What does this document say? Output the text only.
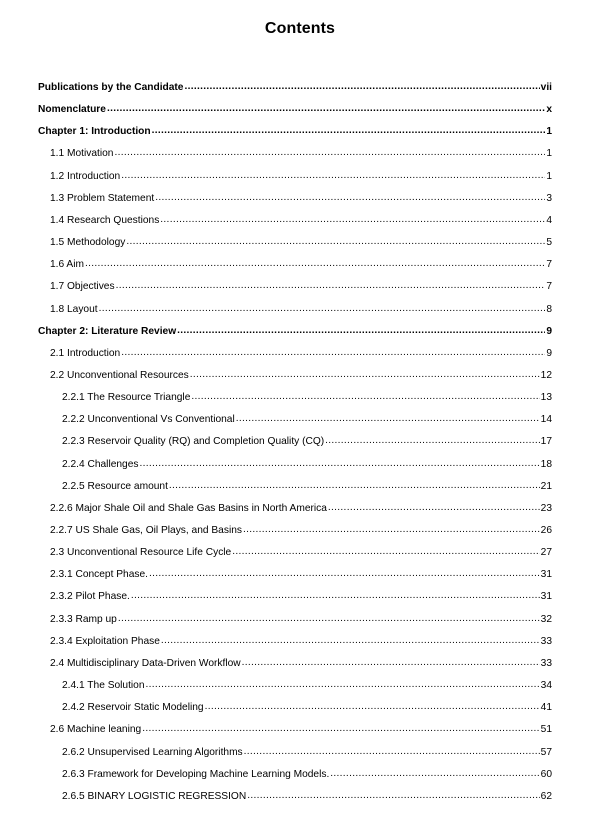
Contents
Publications by the Candidate .....	vii
Nomenclature .....	x
Chapter 1: Introduction .....	1
1.1 Motivation .....	1
1.2 Introduction .....	1
1.3 Problem Statement .....	3
1.4 Research Questions .....	4
1.5 Methodology .....	5
1.6 Aim .....	7
1.7 Objectives .....	7
1.8 Layout .....	8
Chapter 2: Literature Review .....	9
2.1 Introduction .....	9
2.2 Unconventional Resources .....	12
2.2.1 The Resource Triangle .....	13
2.2.2 Unconventional Vs Conventional .....	14
2.2.3 Reservoir Quality (RQ) and Completion Quality (CQ) .....	17
2.2.4 Challenges .....	18
2.2.5 Resource amount .....	21
2.2.6 Major Shale Oil and Shale Gas Basins in North America .....	23
2.2.7 US Shale Gas, Oil Plays, and Basins .....	26
2.3 Unconventional Resource Life Cycle .....	27
2.3.1 Concept Phase. .....	31
2.3.2 Pilot Phase. .....	31
2.3.3 Ramp up .....	32
2.3.4 Exploitation Phase .....	33
2.4 Multidisciplinary Data-Driven Workflow .....	33
2.4.1 The Solution .....	34
2.4.2 Reservoir Static Modeling .....	41
2.6 Machine leaning .....	51
2.6.2 Unsupervised Learning Algorithms .....	57
2.6.3 Framework for Developing Machine Learning Models. .....	60
2.6.5 BINARY LOGISTIC REGRESSION .....	62
